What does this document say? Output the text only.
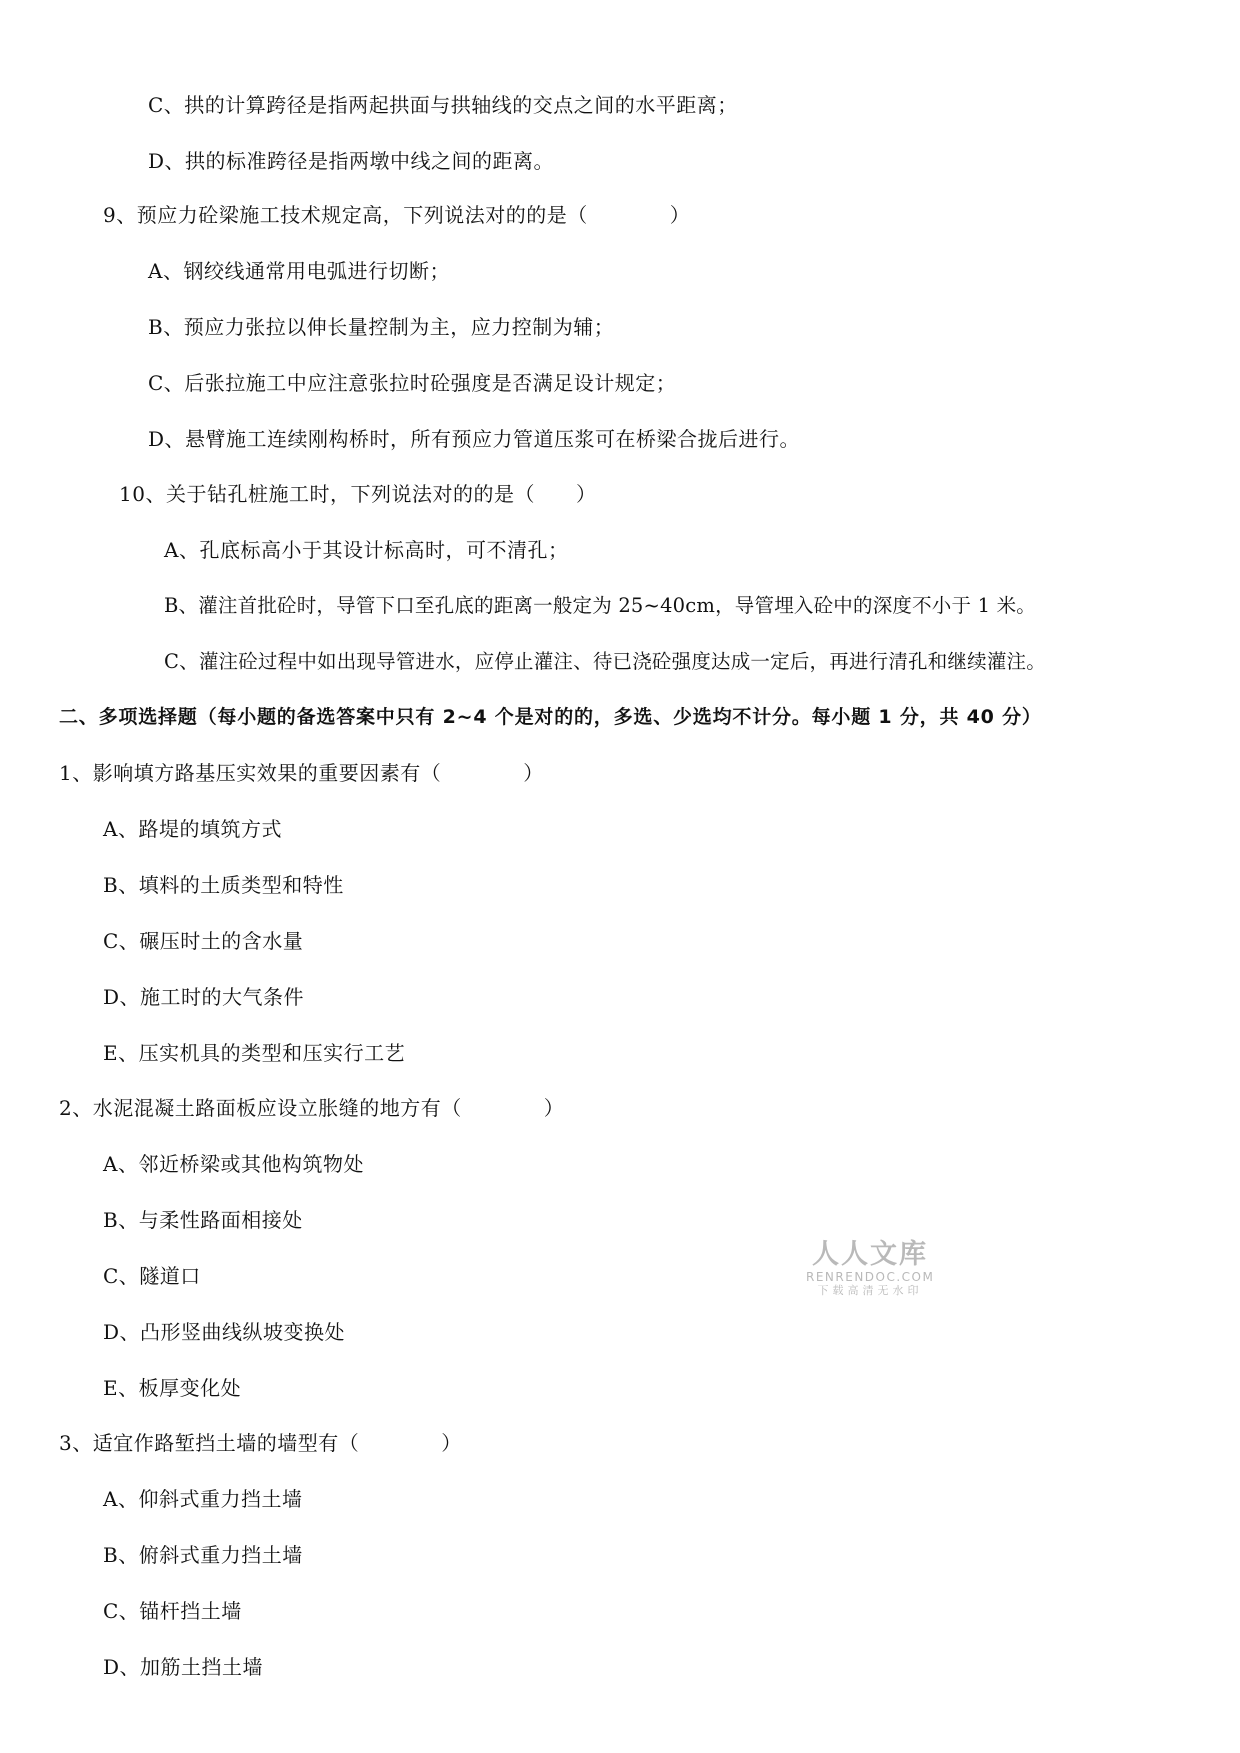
C、拱的计算跨径是指两起拱面与拱轴线的交点之间的水平距离；
D、拱的标准跨径是指两墩中线之间的距离。
9、预应力砼梁施工技术规定高，下列说法对的的是（　　　　）
A、钢绞线通常用电弧进行切断；
B、预应力张拉以伸长量控制为主，应力控制为辅；
C、后张拉施工中应注意张拉时砼强度是否满足设计规定；
D、悬臂施工连续刚构桥时，所有预应力管道压浆可在桥梁合拢后进行。
10、关于钻孔桩施工时，下列说法对的的是（　　）
A、孔底标高小于其设计标高时，可不清孔；
B、灌注首批砼时，导管下口至孔底的距离一般定为 25~40cm，导管埋入砼中的深度不小于 1 米。
C、灌注砼过程中如出现导管进水，应停止灌注、待已浇砼强度达成一定后，再进行清孔和继续灌注。
二、多项选择题（每小题的备选答案中只有 2~4 个是对的的，多选、少选均不计分。每小题 1 分，共 40 分）
1、影响填方路基压实效果的重要因素有（　　　　）
A、路堤的填筑方式
B、填料的土质类型和特性
C、碾压时土的含水量
D、施工时的大气条件
E、压实机具的类型和压实行工艺
2、水泥混凝土路面板应设立胀缝的地方有（　　　　）
A、邻近桥梁或其他构筑物处
B、与柔性路面相接处
C、隧道口
D、凸形竖曲线纵坡变换处
E、板厚变化处
3、适宜作路堑挡土墙的墙型有（　　　　）
A、仰斜式重力挡土墙
B、俯斜式重力挡土墙
C、锚杆挡土墙
D、加筋土挡土墙
人人文库
RENRENDOC.COM
下载高清无水印
